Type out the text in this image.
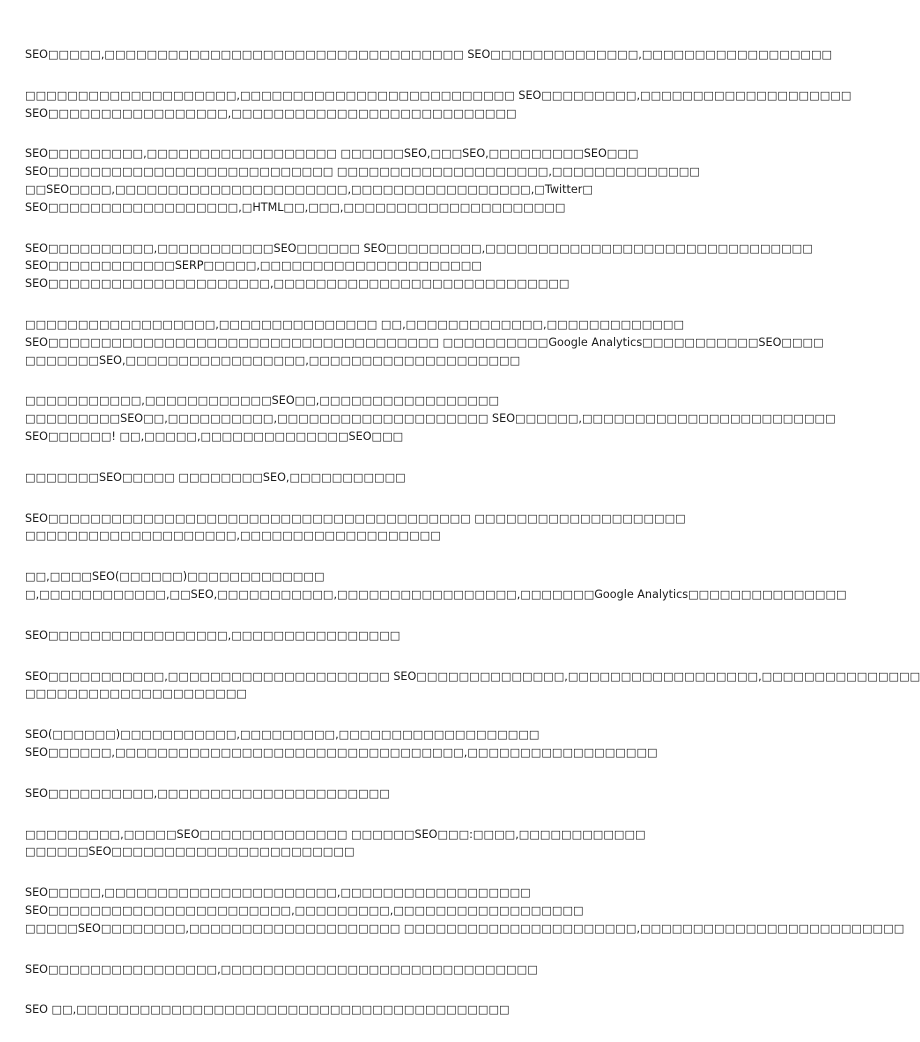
SEO□□□□□,□□□□□□□□□□□□□□□□□□□□□□□□□□□□□□□□□□ SEO□□□□□□□□□□□□□□,□□□□□□□□□□□□□□□□□□
□□□□□□□□□□□□□□□□□□□□,□□□□□□□□□□□□□□□□□□□□□□□□□□ SEO□□□□□□□□□,□□□□□□□□□□□□□□□□□□□□
SEO□□□□□□□□□□□□□□□□□,□□□□□□□□□□□□□□□□□□□□□□□□□□□
SEO□□□□□□□□□,□□□□□□□□□□□□□□□□□□ □□□□□□SEO,□□□SEO,□□□□□□□□□SEO□□□
SEO□□□□□□□□□□□□□□□□□□□□□□□□□□□ □□□□□□□□□□□□□□□□□□□□,□□□□□□□□□□□□□□
□□SEO□□□□,□□□□□□□□□□□□□□□□□□□□□□,□□□□□□□□□□□□□□□□□,□Twitter□
SEO□□□□□□□□□□□□□□□□□□,□HTML□□,□□□,□□□□□□□□□□□□□□□□□□□□□
SEO□□□□□□□□□□,□□□□□□□□□□□SEO□□□□□□ SEO□□□□□□□□□,□□□□□□□□□□□□□□□□□□□□□□□□□□□□□□□
SEO□□□□□□□□□□□□SERP□□□□□,□□□□□□□□□□□□□□□□□□□□□
SEO□□□□□□□□□□□□□□□□□□□□□,□□□□□□□□□□□□□□□□□□□□□□□□□□□□
□□□□□□□□□□□□□□□□□□,□□□□□□□□□□□□□□□ □□,□□□□□□□□□□□□□,□□□□□□□□□□□□□
SEO□□□□□□□□□□□□□□□□□□□□□□□□□□□□□□□□□□□□□ □□□□□□□□□□Google Analytics□□□□□□□□□□□SEO□□□□
□□□□□□□SEO,□□□□□□□□□□□□□□□□□,□□□□□□□□□□□□□□□□□□□□
□□□□□□□□□□□,□□□□□□□□□□□□SEO□□,□□□□□□□□□□□□□□□□□
□□□□□□□□□SEO□□,□□□□□□□□□□,□□□□□□□□□□□□□□□□□□□□ SEO□□□□□□,□□□□□□□□□□□□□□□□□□□□□□□□
SEO□□□□□□! □□,□□□□□,□□□□□□□□□□□□□□SEO□□□
□□□□□□□SEO□□□□□ □□□□□□□□SEO,□□□□□□□□□□□
SEO□□□□□□□□□□□□□□□□□□□□□□□□□□□□□□□□□□□□□□□□ □□□□□□□□□□□□□□□□□□□□
□□□□□□□□□□□□□□□□□□□□,□□□□□□□□□□□□□□□□□□□
□□,□□□□SEO(□□□□□□)□□□□□□□□□□□□□
□,□□□□□□□□□□□□,□□SEO,□□□□□□□□□□□,□□□□□□□□□□□□□□□□□,□□□□□□□Google Analytics□□□□□□□□□□□□□□□
SEO□□□□□□□□□□□□□□□□□,□□□□□□□□□□□□□□□□
SEO□□□□□□□□□□□,□□□□□□□□□□□□□□□□□□□□□ SEO□□□□□□□□□□□□□□,□□□□□□□□□□□□□□□□□□,□□□□□□□□□□□□□□□
□□□□□□□□□□□□□□□□□□□□□
SEO(□□□□□□)□□□□□□□□□□□,□□□□□□□□□,□□□□□□□□□□□□□□□□□□□
SEO□□□□□□,□□□□□□□□□□□□□□□□□□□□□□□□□□□□□□□□□,□□□□□□□□□□□□□□□□□□
SEO□□□□□□□□□□,□□□□□□□□□□□□□□□□□□□□□□
□□□□□□□□□,□□□□□SEO□□□□□□□□□□□□□□ □□□□□□SEO□□□:□□□□,□□□□□□□□□□□□
□□□□□□SEO□□□□□□□□□□□□□□□□□□□□□□□
SEO□□□□□,□□□□□□□□□□□□□□□□□□□□□□,□□□□□□□□□□□□□□□□□□
SEO□□□□□□□□□□□□□□□□□□□□□□□,□□□□□□□□□,□□□□□□□□□□□□□□□□□□
□□□□□SEO□□□□□□□□,□□□□□□□□□□□□□□□□□□□□ □□□□□□□□□□□□□□□□□□□□□□,□□□□□□□□□□□□□□□□□□□□□□□□□
SEO□□□□□□□□□□□□□□□□,□□□□□□□□□□□□□□□□□□□□□□□□□□□□□□
SEO □□,□□□□□□□□□□□□□□□□□□□□□□□□□□□□□□□□□□□□□□□□□
